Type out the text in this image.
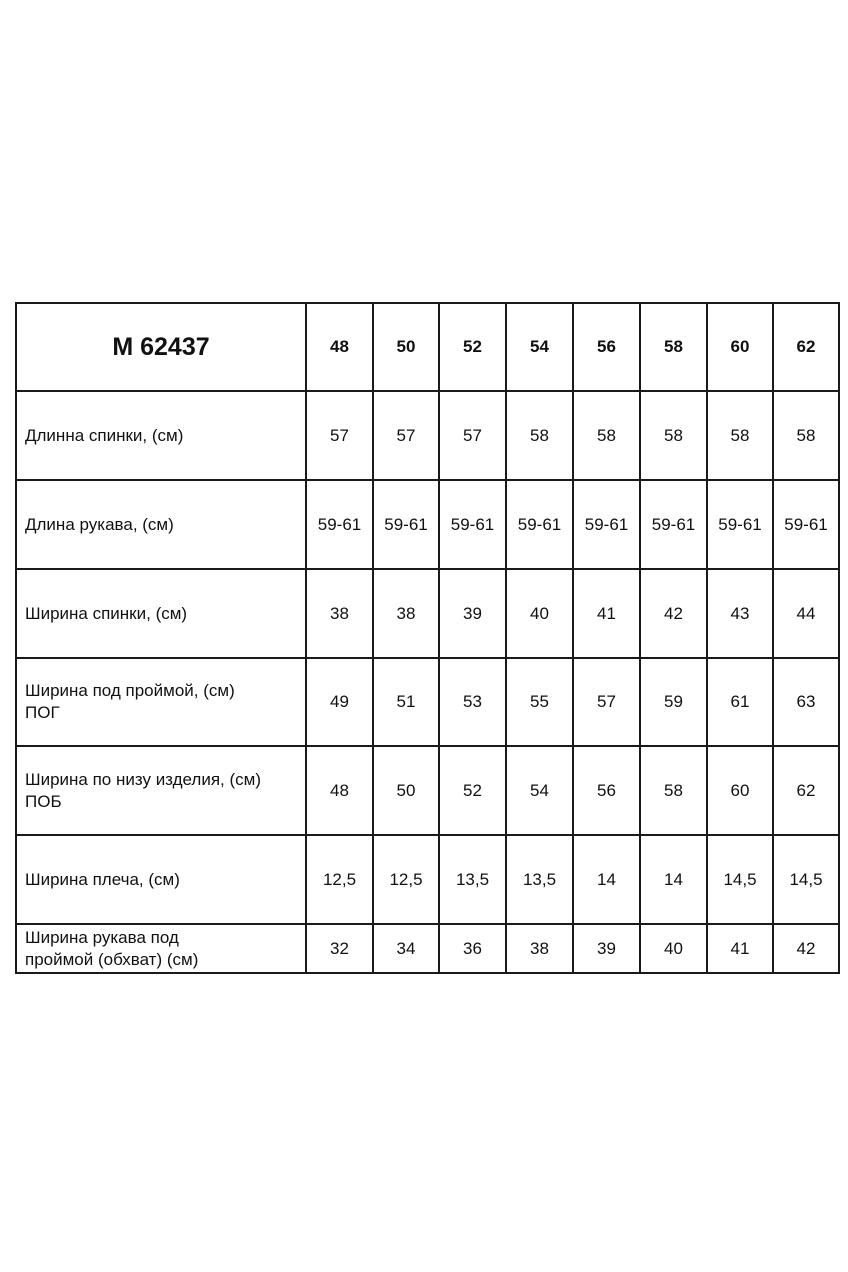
М 62437	48	50	52	54	56	58	60	62

Длинна спинки, (см)	57	57	57	58	58	58	58	58

Длина рукава, (см)	59-61	59-61	59-61	59-61	59-61	59-61	59-61	59-61

Ширина спинки, (см)	38	38	39	40	41	42	43	44

Ширина под проймой, (см)
ПОГ	49	51	53	55	57	59	61	63

Ширина по низу изделия, (см)
ПОБ	48	50	52	54	56	58	60	62

Ширина плеча, (см)	12,5	12,5	13,5	13,5	14	14	14,5	14,5

Ширина рукава под
проймой (обхват) (см)	32	34	36	38	39	40	41	42
